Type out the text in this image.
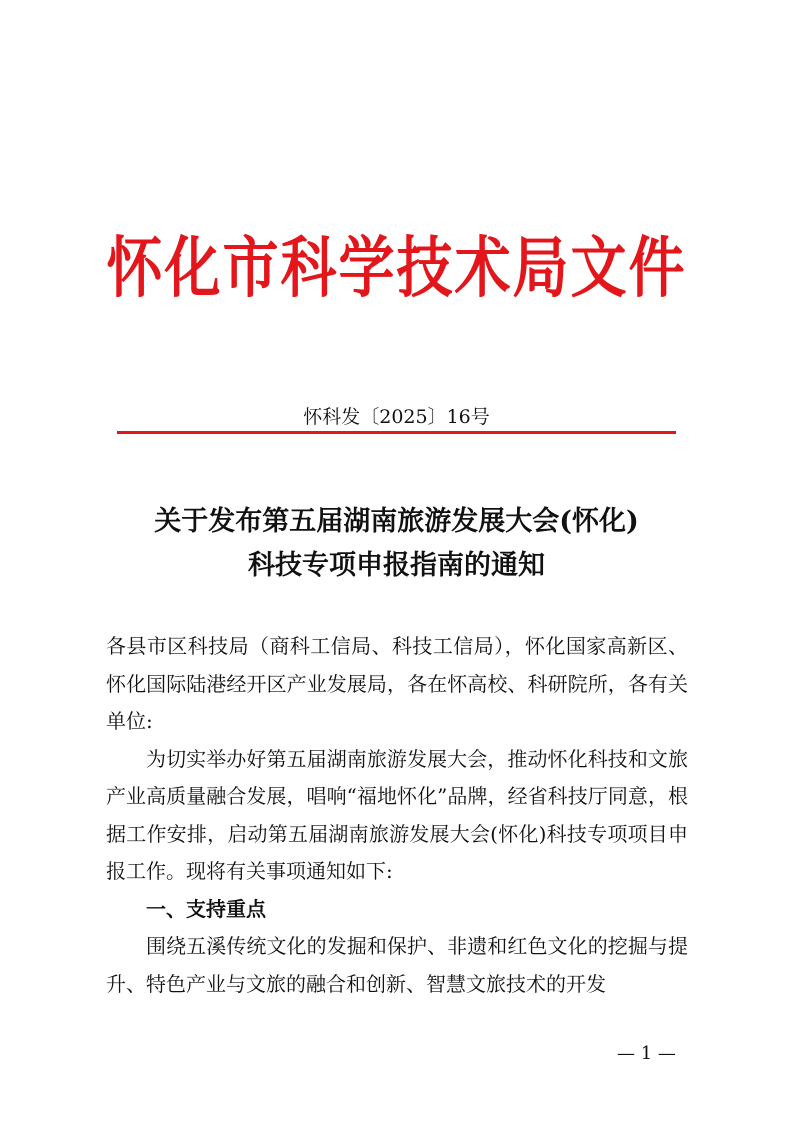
怀化市科学技术局文件
怀科发〔2025〕16号
关于发布第五届湖南旅游发展大会(怀化)
科技专项申报指南的通知

各县市区科技局（商科工信局、科技工信局），怀化国家高新区、怀化国际陆港经开区产业发展局，各在怀高校、科研院所，各有关单位:

为切实举办好第五届湖南旅游发展大会，推动怀化科技和文旅产业高质量融合发展，唱响“福地怀化”品牌，经省科技厅同意，根据工作安排，启动第五届湖南旅游发展大会(怀化)科技专项项目申报工作。现将有关事项通知如下:

一、支持重点

围绕五溪传统文化的发掘和保护、非遗和红色文化的挖掘与提升、特色产业与文旅的融合和创新、智慧文旅技术的开发

— 1 —
